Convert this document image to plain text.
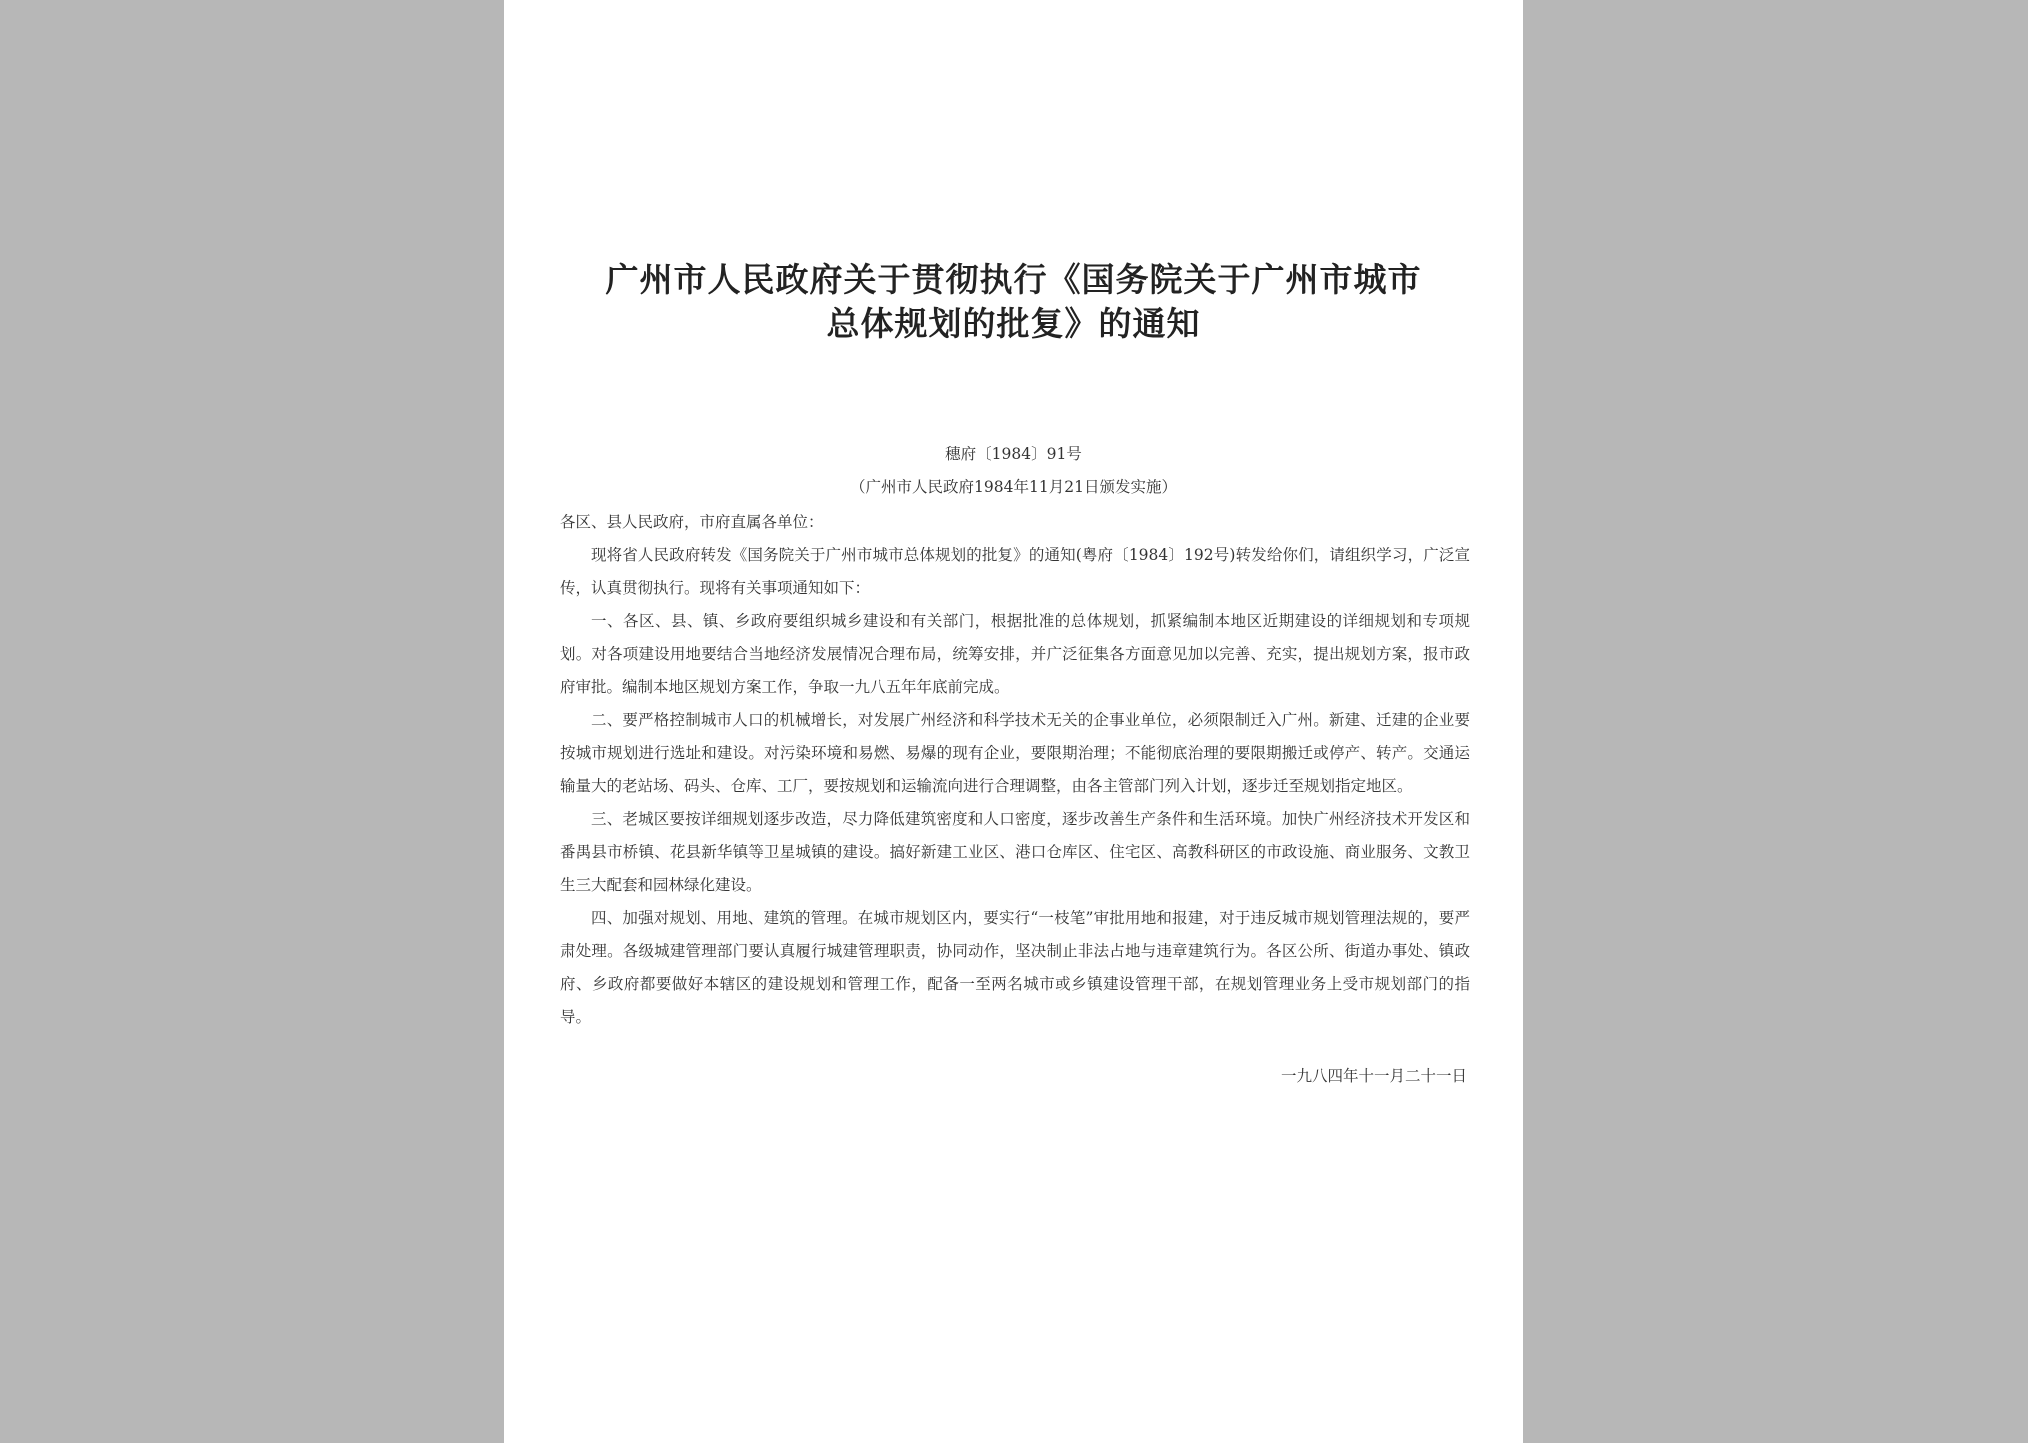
广州市人民政府关于贯彻执行《国务院关于广州市城市
总体规划的批复》的通知
穗府〔1984〕91号
（广州市人民政府1984年11月21日颁发实施）

各区、县人民政府，市府直属各单位：

现将省人民政府转发《国务院关于广州市城市总体规划的批复》的通知(粤府〔1984〕192号)转发给你们，请组织学习，广泛宣传，认真贯彻执行。现将有关事项通知如下：

一、各区、县、镇、乡政府要组织城乡建设和有关部门，根据批准的总体规划，抓紧编制本地区近期建设的详细规划和专项规划。对各项建设用地要结合当地经济发展情况合理布局，统筹安排，并广泛征集各方面意见加以完善、充实，提出规划方案，报市政府审批。编制本地区规划方案工作，争取一九八五年年底前完成。

二、要严格控制城市人口的机械增长，对发展广州经济和科学技术无关的企事业单位，必须限制迁入广州。新建、迁建的企业要按城市规划进行选址和建设。对污染环境和易燃、易爆的现有企业，要限期治理；不能彻底治理的要限期搬迁或停产、转产。交通运输量大的老站场、码头、仓库、工厂，要按规划和运输流向进行合理调整，由各主管部门列入计划，逐步迁至规划指定地区。

三、老城区要按详细规划逐步改造，尽力降低建筑密度和人口密度，逐步改善生产条件和生活环境。加快广州经济技术开发区和番禺县市桥镇、花县新华镇等卫星城镇的建设。搞好新建工业区、港口仓库区、住宅区、高教科研区的市政设施、商业服务、文教卫生三大配套和园林绿化建设。

四、加强对规划、用地、建筑的管理。在城市规划区内，要实行“一枝笔”审批用地和报建，对于违反城市规划管理法规的，要严肃处理。各级城建管理部门要认真履行城建管理职责，协同动作，坚决制止非法占地与违章建筑行为。各区公所、街道办事处、镇政府、乡政府都要做好本辖区的建设规划和管理工作，配备一至两名城市或乡镇建设管理干部，在规划管理业务上受市规划部门的指导。

一九八四年十一月二十一日
